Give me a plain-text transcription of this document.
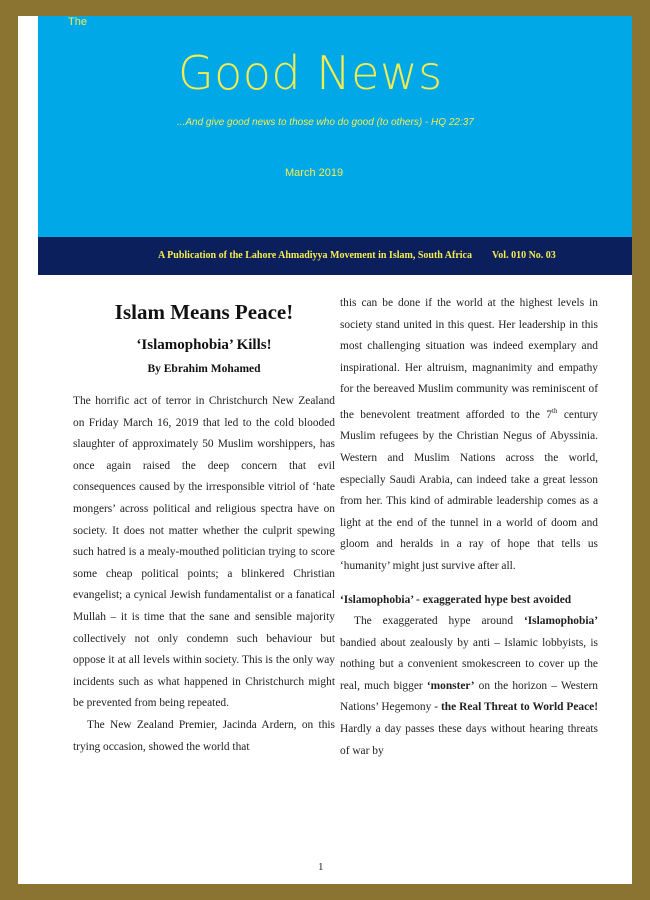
The
Good News
...And give good news to those who do good (to others) - HQ 22:37
March 2019
A Publication of the Lahore Ahmadiyya Movement in Islam, South Africa Vol. 010 No. 03
Islam Means Peace!
‘Islamophobia’ Kills!
By Ebrahim Mohamed

The horrific act of terror in Christchurch New Zealand on Friday March 16, 2019 that led to the cold blooded slaughter of approximately 50 Muslim worshippers, has once again raised the deep concern that evil consequences caused by the irresponsible vitriol of ‘hate mongers’ across political and religious spectra have on society. It does not matter whether the culprit spewing such hatred is a mealy-mouthed politician trying to score some cheap political points; a blinkered Christian evangelist; a cynical Jewish fundamentalist or a fanatical Mullah – it is time that the sane and sensible majority collectively not only condemn such behaviour but oppose it at all levels within society. This is the only way incidents such as what happened in Christchurch might be prevented from being repeated.

The New Zealand Premier, Jacinda Ardern, on this trying occasion, showed the world that

this can be done if the world at the highest levels in society stand united in this quest. Her leadership in this most challenging situation was indeed exemplary and inspirational. Her altruism, magnanimity and empathy for the bereaved Muslim community was reminiscent of the benevolent treatment afforded to the 7th century Muslim refugees by the Christian Negus of Abyssinia. Western and Muslim Nations across the world, especially Saudi Arabia, can indeed take a great lesson from her. This kind of admirable leadership comes as a light at the end of the tunnel in a world of doom and gloom and heralds in a ray of hope that tells us ‘humanity’ might just survive after all.

‘Islamophobia’ - exaggerated hype best avoided

The exaggerated hype around ‘Islamophobia’ bandied about zealously by anti – Islamic lobbyists, is nothing but a convenient smokescreen to cover up the real, much bigger ‘monster’ on the horizon – Western Nations’ Hegemony - the Real Threat to World Peace! Hardly a day passes these days without hearing threats of war by

1
